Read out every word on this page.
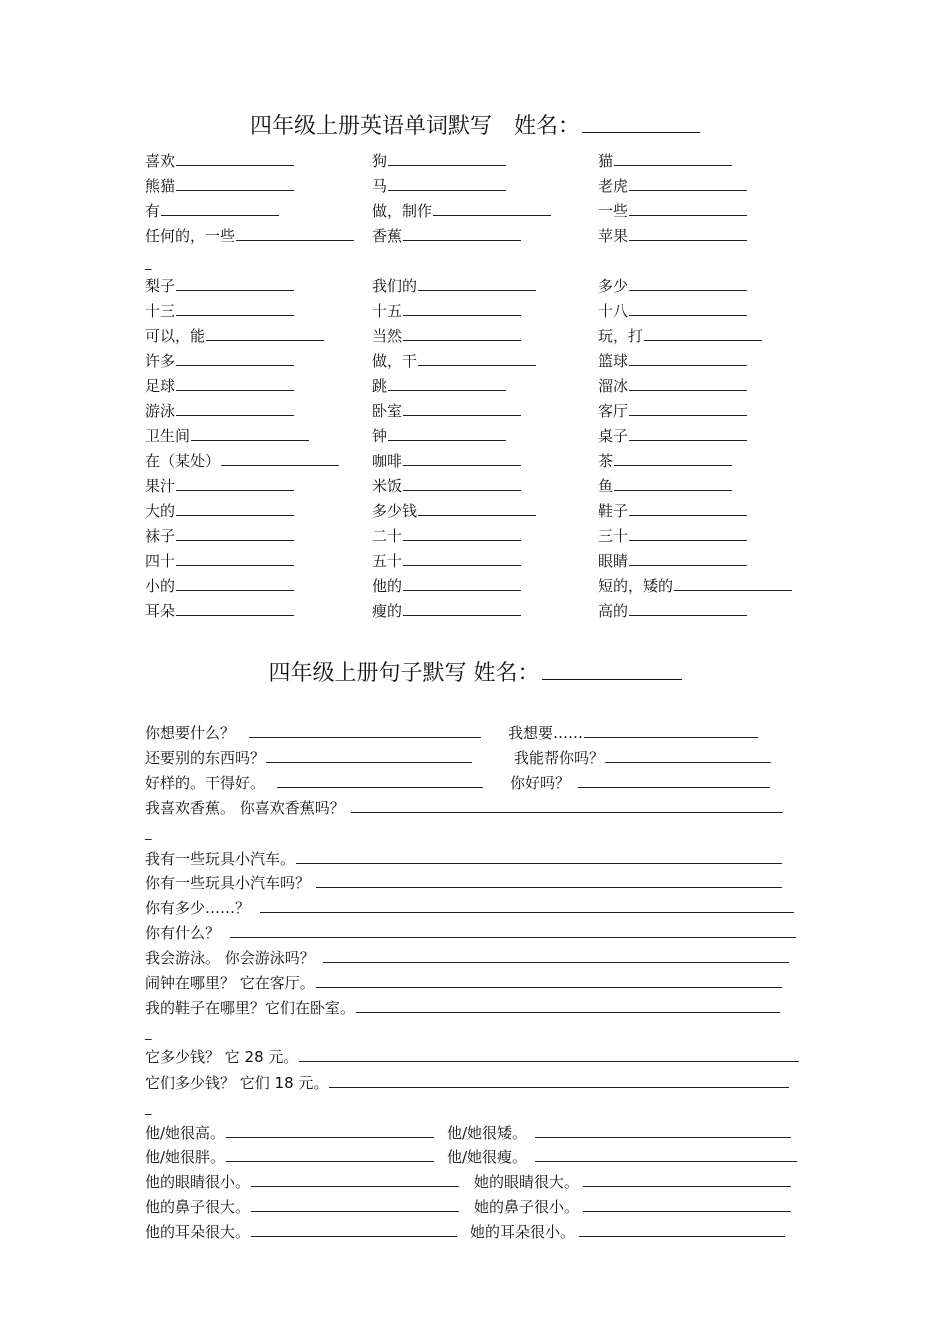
四年级上册英语单词默写　姓名：
喜欢	狗	猫
熊猫	马	老虎
有	做，制作	一些
任何的，一些	香蕉	苹果
梨子	我们的	多少
十三	十五	十八
可以，能	当然	玩，打
许多	做，干	篮球
足球	跳	溜冰
游泳	卧室	客厅
卫生间	钟	桌子
在（某处）	咖啡	茶
果汁	米饭	鱼
大的	多少钱	鞋子
袜子	二十	三十
四十	五十	眼睛
小的	他的	短的，矮的
耳朵	瘦的	高的
_
四年级上册句子默写 姓名：
你想要什么？	我想要……
还要别的东西吗？	我能帮你吗？
好样的。干得好。	你好吗？
我喜欢香蕉。 你喜欢香蕉吗？
_
我有一些玩具小汽车。
你有一些玩具小汽车吗？
你有多少……？
你有什么？
我会游泳。 你会游泳吗？
闹钟在哪里？ 它在客厅。
我的鞋子在哪里？它们在卧室。
_
它多少钱？ 它 28 元。
它们多少钱？ 它们 18 元。
_
他/她很高。	他/她很矮。
他/她很胖。	他/她很瘦。
他的眼睛很小。	她的眼睛很大。
他的鼻子很大。	她的鼻子很小。
他的耳朵很大。	她的耳朵很小。
